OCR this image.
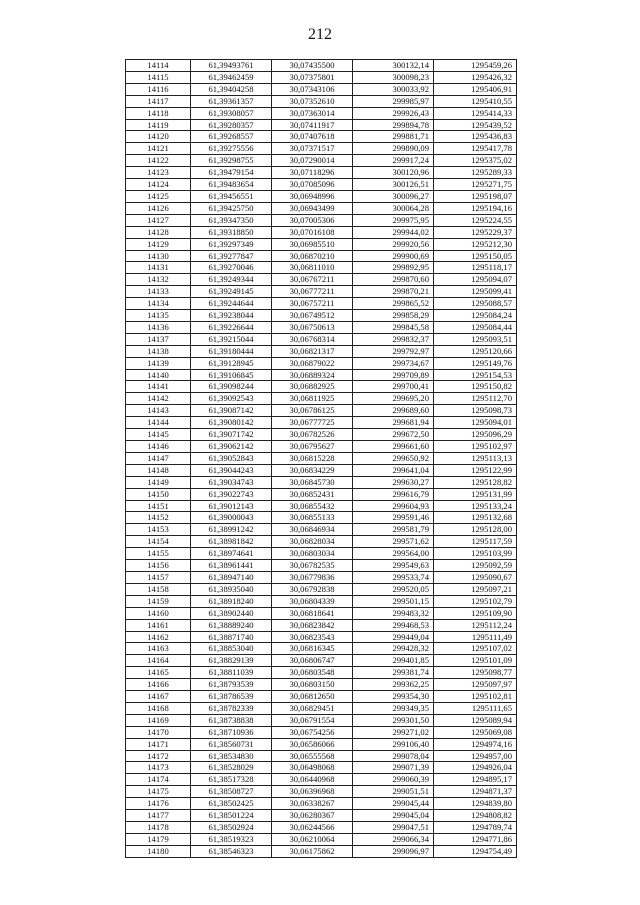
212
14114	61,39493761	30,07435500	300132,14	1295459,26
14115	61,39462459	30,07375801	300098,23	1295426,32
14116	61,39404258	30,07343106	300033,92	1295406,91
14117	61,39361357	30,07352610	299985,97	1295410,55
14118	61,39308057	30,07363014	299926,43	1295414,33
14119	61,39280357	30,07411917	299894,78	1295439,52
14120	61,39268557	30,07407618	299881,71	1295436,83
14121	61,39275556	30,07371517	299890,09	1295417,78
14122	61,39298755	30,07290014	299917,24	1295375,02
14123	61,39479154	30,07118296	300120,96	1295289,33
14124	61,39483654	30,07085096	300126,51	1295271,75
14125	61,39456551	30,06948996	300096,27	1295198,07
14126	61,39425750	30,06943499	300064,28	1295194,16
14127	61,39347350	30,07005306	299975,95	1295224,55
14128	61,39318850	30,07016108	299944,02	1295229,37
14129	61,39297349	30,06985510	299920,56	1295212,30
14130	61,39277847	30,06870210	299900,69	1295150,05
14131	61,39270046	30,06811010	299892,95	1295118,17
14132	61,39249344	30,06767211	299870,60	1295094,07
14133	61,39249145	30,06777211	299870,21	1295099,41
14134	61,39244644	30,06757211	299865,52	1295088,57
14135	61,39238044	30,06749512	299858,29	1295084,24
14136	61,39226644	30,06750613	299845,58	1295084,44
14137	61,39215044	30,06768314	299832,37	1295093,51
14138	61,39180444	30,06821317	299792,97	1295120,66
14139	61,39128945	30,06879022	299734,67	1295149,76
14140	61,39106845	30,06889324	299709,89	1295154,53
14141	61,39098244	30,06882925	299700,41	1295150,82
14142	61,39092543	30,06811925	299695,20	1295112,70
14143	61,39087142	30,06786125	299689,60	1295098,73
14144	61,39080142	30,06777725	299681,94	1295094,01
14145	61,39071742	30,06782526	299672,50	1295096,29
14146	61,39062142	30,06795627	299661,60	1295102,97
14147	61,39052843	30,06815228	299650,92	1295113,13
14148	61,39044243	30,06834229	299641,04	1295122,99
14149	61,39034743	30,06845730	299630,27	1295128,82
14150	61,39022743	30,06852431	299616,79	1295131,99
14151	61,39012143	30,06855432	299604,93	1295133,24
14152	61,39000043	30,06855133	299591,46	1295132,68
14153	61,38991242	30,06846934	299581,79	1295128,00
14154	61,38981842	30,06828034	299571,62	1295117,59
14155	61,38974641	30,06803034	299564,00	1295103,99
14156	61,38961441	30,06782535	299549,63	1295092,59
14157	61,38947140	30,06779836	299533,74	1295090,67
14158	61,38935040	30,06792838	299520,05	1295097,21
14159	61,38918240	30,06804339	299501,15	1295102,79
14160	61,38902440	30,06818641	299483,32	1295109,90
14161	61,38889240	30,06823842	299468,53	1295112,24
14162	61,38871740	30,06823543	299449,04	1295111,49
14163	61,38853040	30,06816345	299428,32	1295107,02
14164	61,38829139	30,06806747	299401,85	1295101,09
14165	61,38811039	30,06803548	299381,74	1295098,77
14166	61,38793539	30,06803150	299362,25	1295097,97
14167	61,38786539	30,06812650	299354,30	1295102,81
14168	61,38782339	30,06829451	299349,35	1295111,65
14169	61,38738838	30,06791554	299301,50	1295089,94
14170	61,38710936	30,06754256	299271,02	1295069,08
14171	61,38560731	30,06586066	299106,40	1294974,16
14172	61,38534830	30,06555568	299078,04	1294957,00
14173	61,38528029	30,06498068	299071,39	1294926,04
14174	61,38517328	30,06440968	299060,39	1294895,17
14175	61,38508727	30,06396968	299051,51	1294871,37
14176	61,38502425	30,06338267	299045,44	1294839,80
14177	61,38501224	30,06280367	299045,04	1294808,82
14178	61,38502924	30,06244566	299047,51	1294789,74
14179	61,38519323	30,06210064	299066,34	1294771,86
14180	61,38546323	30,06175862	299096,97	1294754,49
